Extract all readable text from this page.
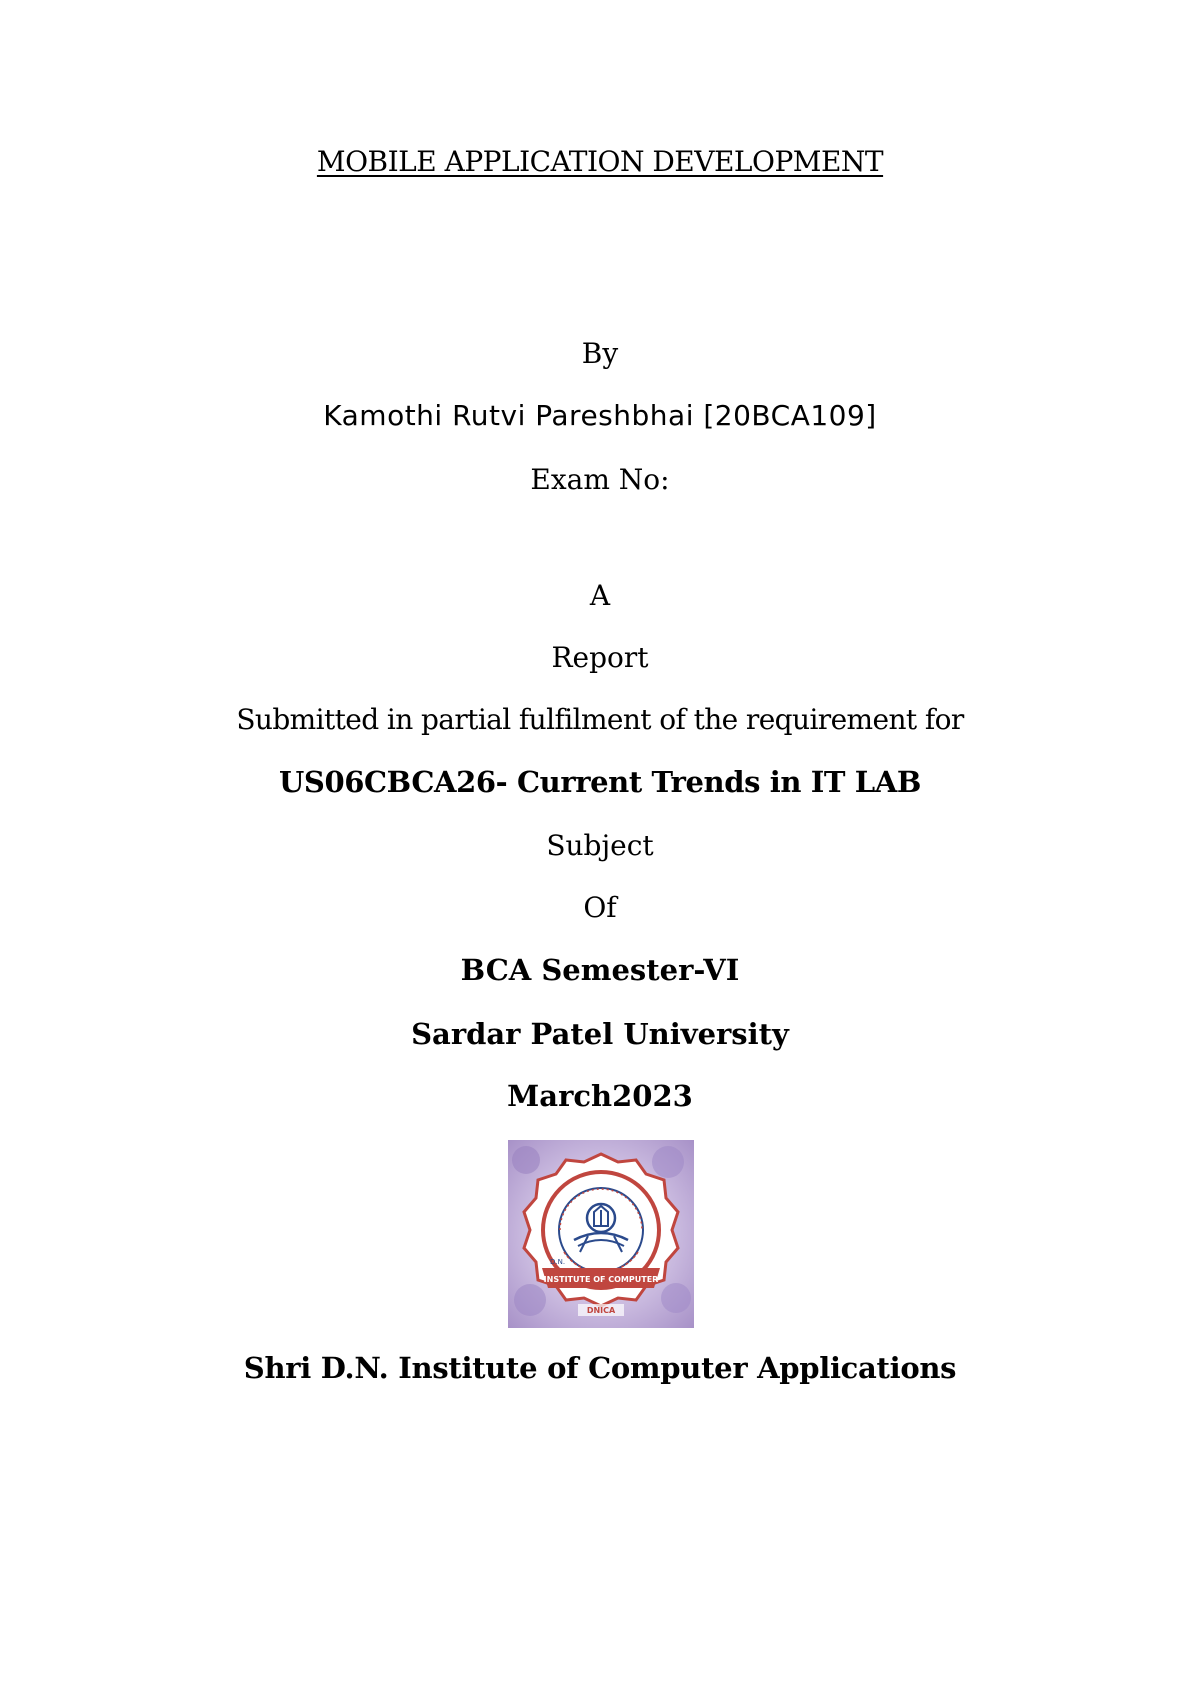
MOBILE APPLICATION DEVELOPMENT
By
Kamothi Rutvi Pareshbhai [20BCA109]
Exam No:
A
Report
Submitted in partial fulfilment of the requirement for
US06CBCA26- Current Trends in IT LAB
Subject
Of
BCA Semester-VI
Sardar Patel University
March2023
INSTITUTE OF COMPUTER
D.N.
DNICA
Shri D.N. Institute of Computer Applications
